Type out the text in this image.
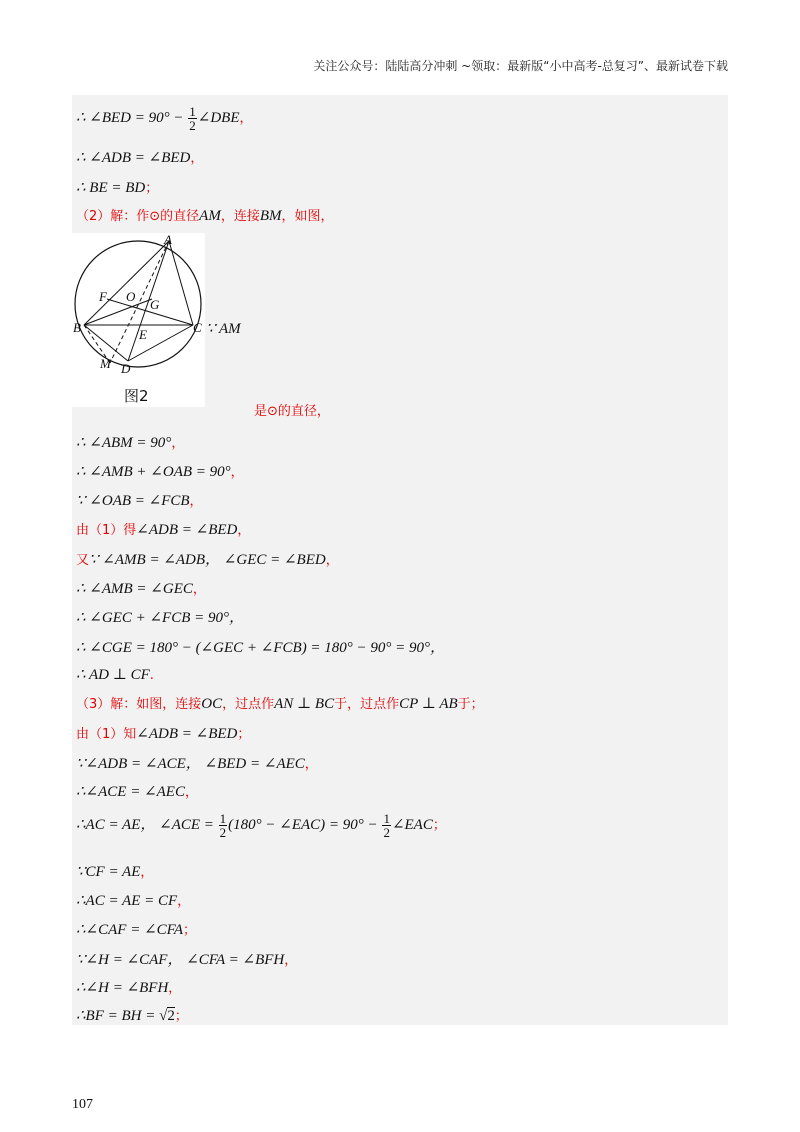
关注公众号：陆陆高分冲刺 ~领取：最新版“小中高考-总复习”、最新试卷下载
∴ ∠BED = $90^\circ - \frac{1}{2}$ ∠DBE，
∴ ∠ADB = ∠BED，
∴ BE = BD；
（2）解：作⊙的直径AM，连接BM，如图，
∵ AM
是⊙的直径，
∴ ∠ABM = 90°，
∴ ∠AMB + ∠OAB = 90°，
∵ ∠OAB = ∠FCB，
由（1）得∠ADB = ∠BED，
又∵ ∠AMB = ∠ADB， ∠GEC = ∠BED，
∴ ∠AMB = ∠GEC，
∴ ∠GEC + ∠FCB = 90°，
∴ ∠CGE = 180° − (∠GEC + ∠FCB) = 180° − 90° = 90°，
∴ AD ⊥ CF.
（3）解：如图，连接OC，过点作AN ⊥ BC于，过点作CP ⊥ AB于；
由（1）知∠ADB = ∠BED；
∵∠ADB = ∠ACE， ∠BED = ∠AEC，
∴∠ACE = ∠AEC，
∴AC = AE， ∠ACE = $\frac{1}{2} (180^\circ$ − ∠EAC) = $90^\circ - \frac{1}{2}$ ∠EAC；
∵CF = AE，
∴AC = AE = CF，
∴∠CAF = ∠CFA；
∵∠H = ∠CAF， ∠CFA = ∠BFH，
∴∠H = ∠BFH，
∴BF = BH = √2；
A
F O
G
B	E	C
M D
图2
107
